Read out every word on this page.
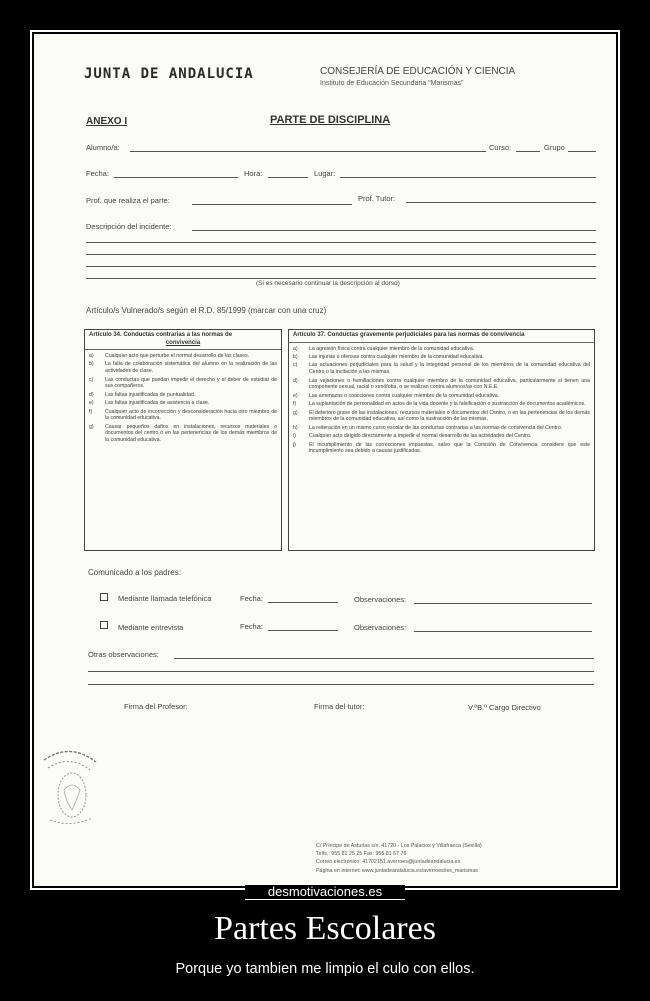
JUNTA DE ANDALUCIA	CONSEJERÍA DE EDUCACIÓN Y CIENCIA
Instituto de Educación Secundaria "Marismas"
ANEXO I	PARTE DE DISCIPLINA
Alumno/a:	Curso:	Grupo
Fecha:	Hora:	Lugar:
Prof. que realiza el parte:	Prof. Tutor:
Descripción del incidente:
(Si es necesario continuar la descripción al dorso)
Artículo/s Vulnerado/s según el R.D. 85/1999 (marcar con una cruz)
Artículo 34. Conductas contrarias a las normas de

convivencia
a)	Cualquier acto que perturbe el normal desarrollo de las clases.
b)	La falta de colaboración sistemática del alumno en la realización de las actividades de clase.
c)	Las conductas que puedan impedir el derecho y el deber de estudiar de sus compañeros.
d)	Las faltas injustificadas de puntualidad.
e)	Las faltas injustificadas de asistencia a clase.
f)	Cualquier acto de incorrección y desconsideración hacia otro miembro de la comunidad educativa.
g)	Causar pequeños daños en instalaciones, recursos materiales o documentos del centro o en las pertenencias de los demás miembros de la comunidad educativa.
Artículo 37. Conductas gravemente perjudiciales para las normas de convivencia
a)	La agresión física contra cualquier miembro de la comunidad educativa.
b)	Las injurias u ofensas contra cualquier miembro de la comunidad educativa.
c)	Las actuaciones perjudiciales para la salud y la integridad personal de los miembros de la comunidad educativa del Centro o la incitación a las mismas.
d)	Las vejaciones o humillaciones contra cualquier miembro de la comunidad educativa, particularmente si tienen una componente sexual, racial o xenófoba, o se realizan contra alumnos/as con N.E.E.
e)	Las amenazas o coacciones contra cualquier miembro de la comunidad educativa.
f)	La suplantación de personalidad en actos de la vida docente y la falsificación o sustracción de documentos académicos.
g)	El deterioro grave de las instalaciones, recursos materiales o documentos del Centro, o en las pertenencias de los demás miembros de la comunidad educativa, así como la sustracción de las mismas.
h)	La reiteración en un mismo curso escolar de las conductas contrarias a las normas de convivencia del Centro.
i)	Cualquier acto dirigido directamente a impedir el normal desarrollo de las actividades del Centro.
j)	El incumplimiento de las correcciones impuestas, salvo que la Comisión de Convivencia considere que este incumplimiento sea debido a causas justificadas.
Comunicado a los padres:
Mediante llamada telefónica	Fecha:	Observaciones:
Mediante entrevista	Fecha:	Observaciones:
Otras observaciones:
Firma del Profesor:	Firma del tutor:	V.ºB.º Cargo Directivo
C/ Príncipe de Asturias s/n. 41720 - Los Palacios y Villafranca (Sevilla)
Telfs.: 955 81 25 25 Fax: 955 81 67 76
Correo electrónico: 41702151.averroes@juntadeandalucia.es
Página en internet: www.juntadeandalucia.es/averroes/ies_marismas
desmotivaciones.es
Partes Escolares
Porque yo tambien me limpio el culo con ellos.
